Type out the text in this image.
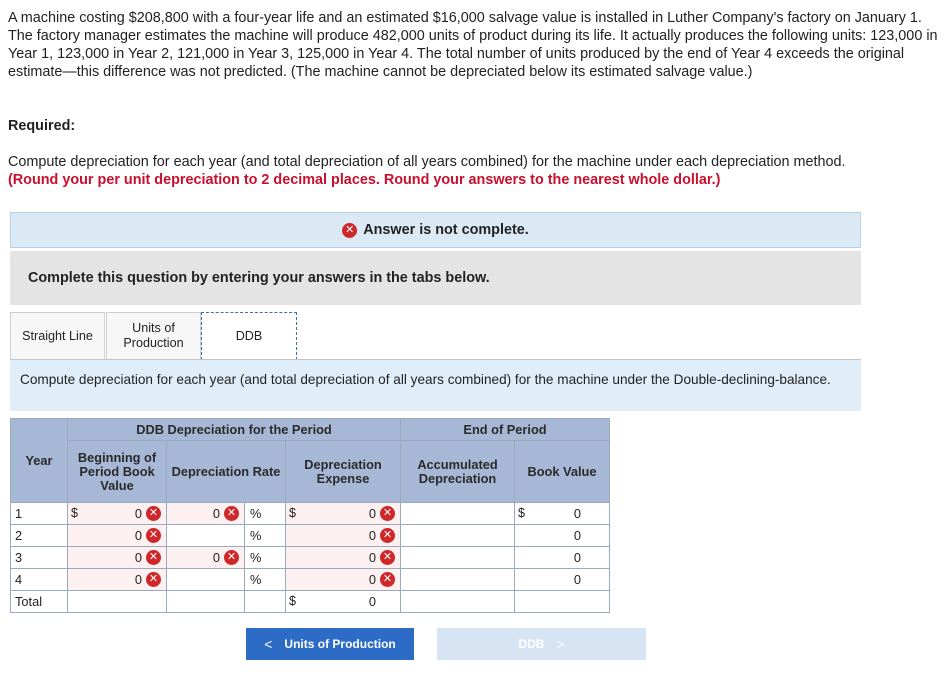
A machine costing $208,800 with a four-year life and an estimated $16,000 salvage value is installed in Luther Company's factory on January 1. The factory manager estimates the machine will produce 482,000 units of product during its life. It actually produces the following units: 123,000 in Year 1, 123,000 in Year 2, 121,000 in Year 3, 125,000 in Year 4. The total number of units produced by the end of Year 4 exceeds the original estimate—this difference was not predicted. (The machine cannot be depreciated below its estimated salvage value.)
Required:
Compute depreciation for each year (and total depreciation of all years combined) for the machine under each depreciation method.
(Round your per unit depreciation to 2 decimal places. Round your answers to the nearest whole dollar.)
✕ Answer is not complete.
Complete this question by entering your answers in the tabs below.
Straight Line
Units of Production
DDB
Compute depreciation for each year (and total depreciation of all years combined) for the machine under the Double-declining-balance.
Year	DDB Depreciation for the Period				End of Period	
	Beginning of Period Book Value	Depreciation Rate		Depreciation Expense	Accumulated Depreciation	Book Value
1	$ 0 ✕	0 ✕	%	$ 0 ✕		$ 0

2	0 ✕		%	0 ✕		0

3	0 ✕	0 ✕	%	0 ✕		0

4	0 ✕		%	0 ✕		0

Total				$ 0		

< Units of Production	DDB >
